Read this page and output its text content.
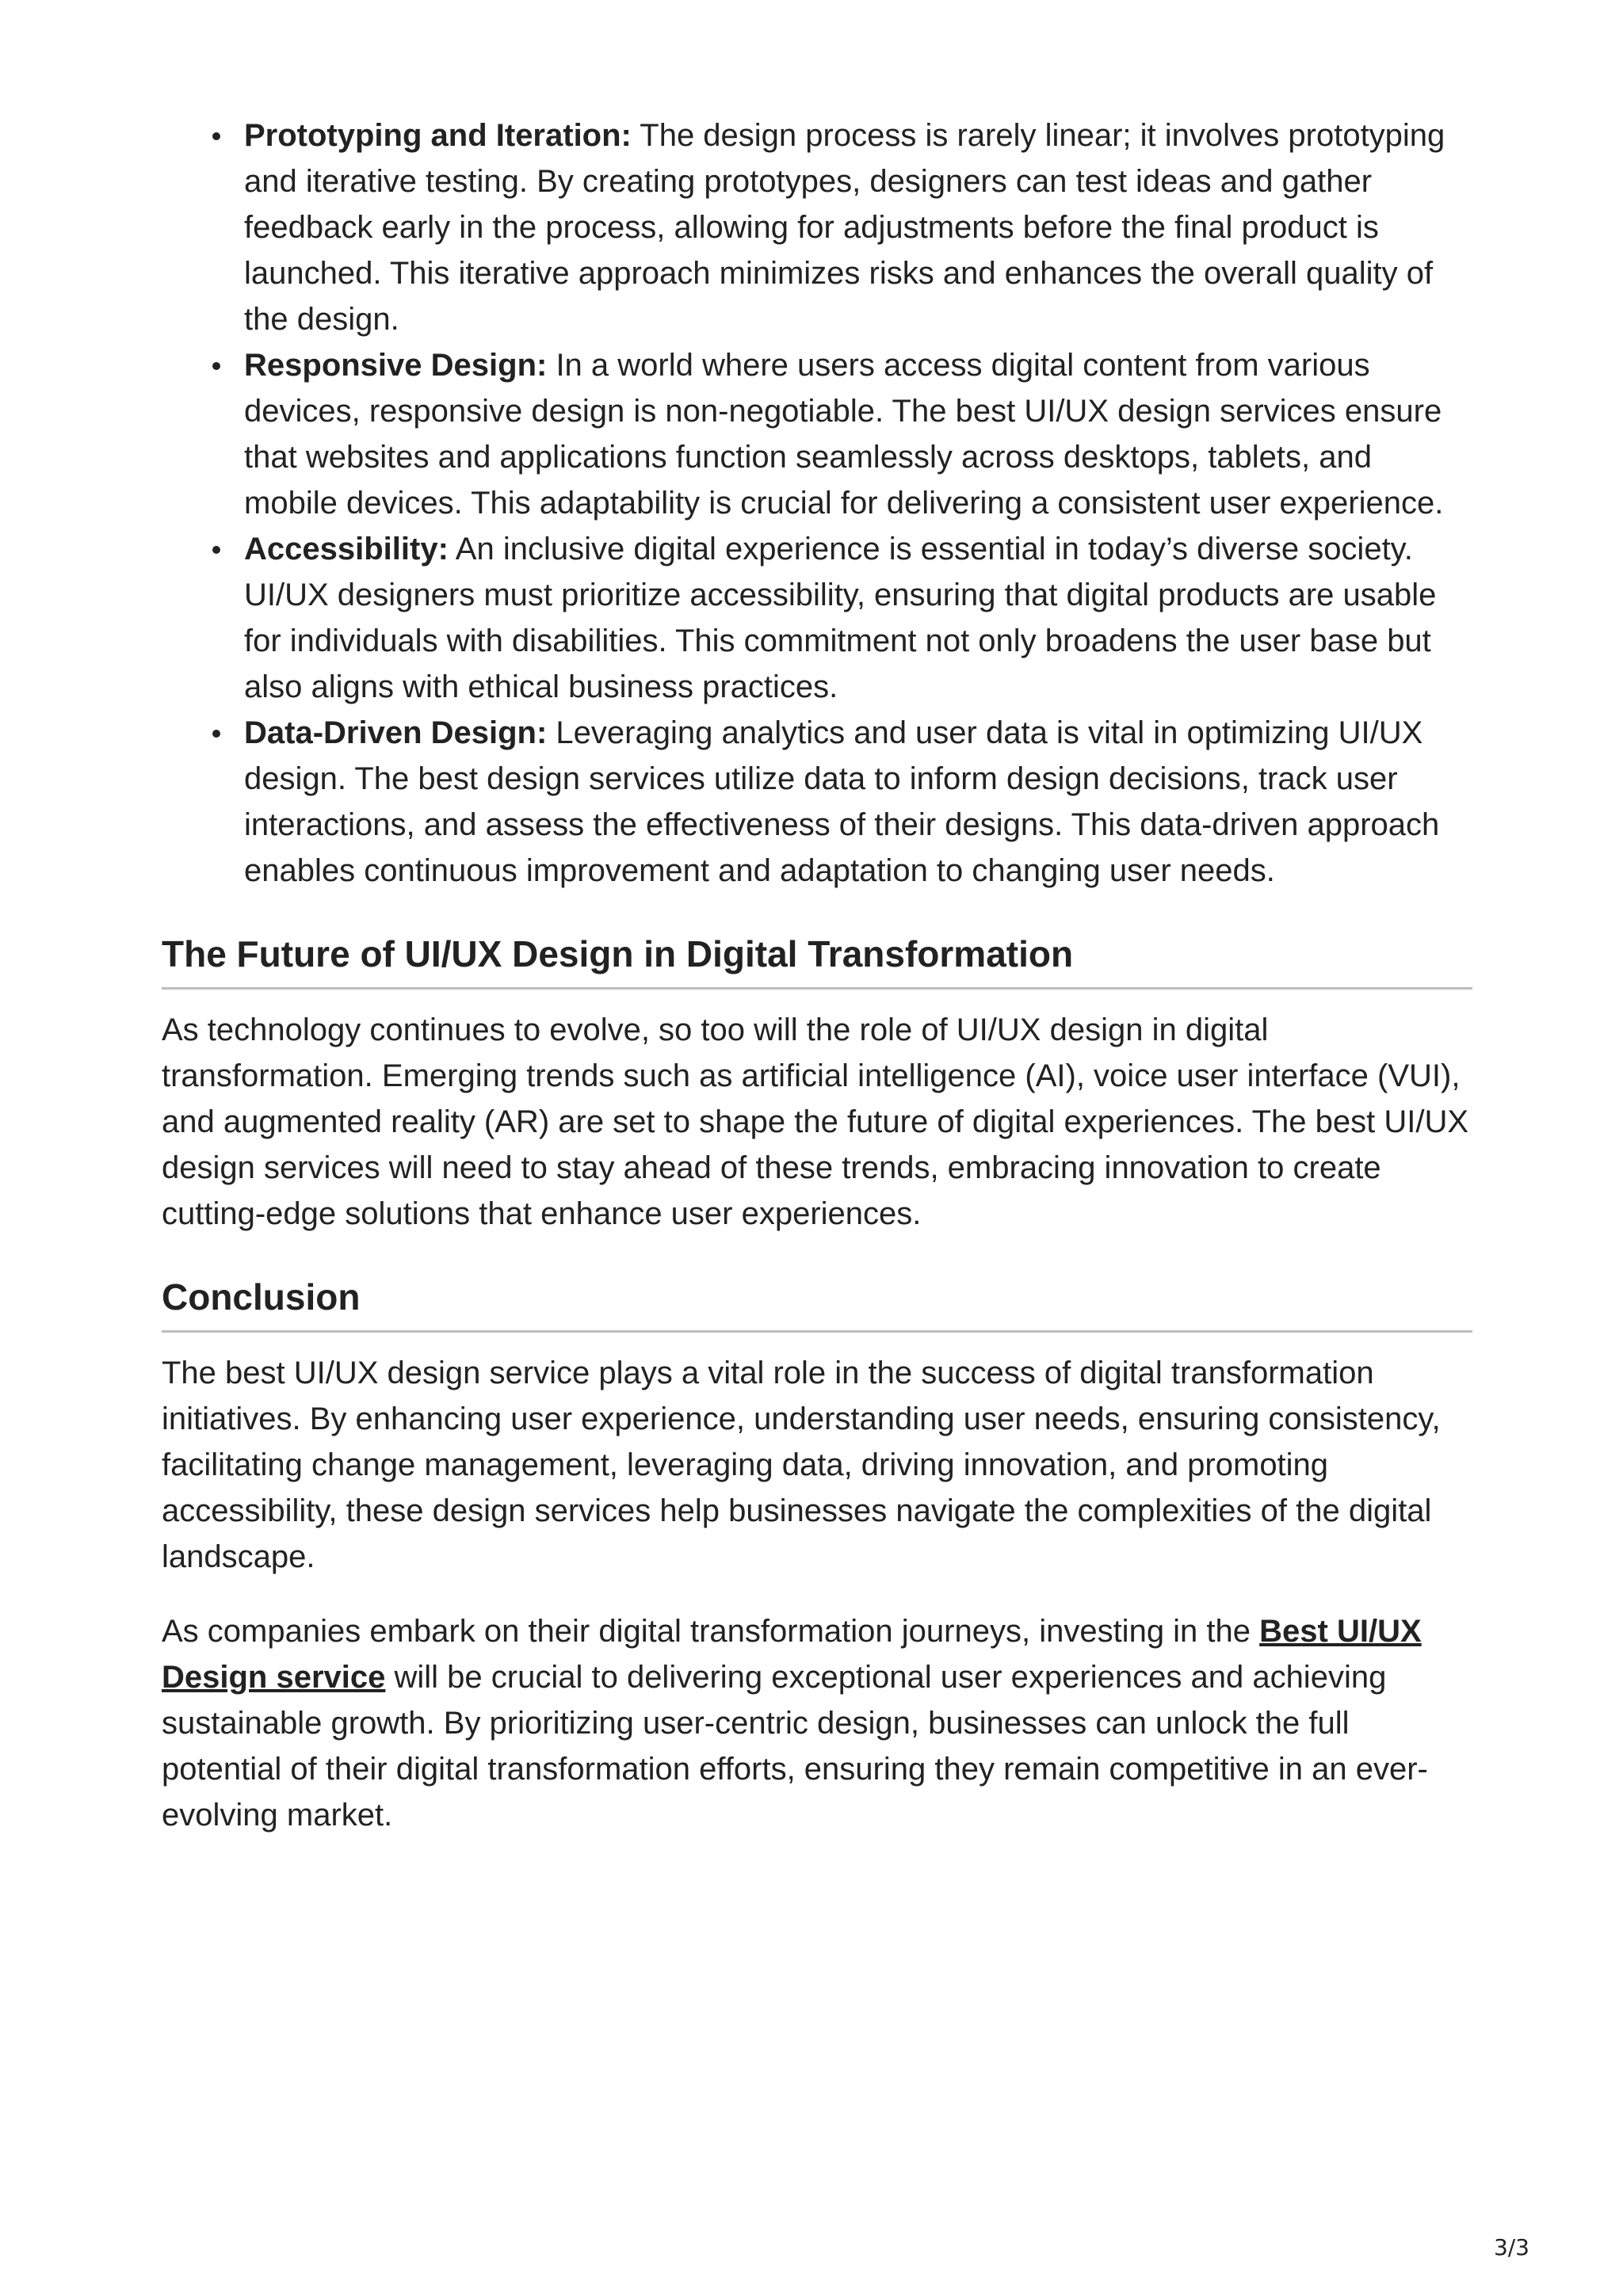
Prototyping and Iteration: The design process is rarely linear; it involves prototyping and iterative testing. By creating prototypes, designers can test ideas and gather feedback early in the process, allowing for adjustments before the final product is launched. This iterative approach minimizes risks and enhances the overall quality of the design.
Responsive Design: In a world where users access digital content from various devices, responsive design is non-negotiable. The best UI/UX design services ensure that websites and applications function seamlessly across desktops, tablets, and mobile devices. This adaptability is crucial for delivering a consistent user experience.
Accessibility: An inclusive digital experience is essential in today’s diverse society. UI/UX designers must prioritize accessibility, ensuring that digital products are usable for individuals with disabilities. This commitment not only broadens the user base but also aligns with ethical business practices.
Data-Driven Design: Leveraging analytics and user data is vital in optimizing UI/UX design. The best design services utilize data to inform design decisions, track user interactions, and assess the effectiveness of their designs. This data-driven approach enables continuous improvement and adaptation to changing user needs.
The Future of UI/UX Design in Digital Transformation

As technology continues to evolve, so too will the role of UI/UX design in digital transformation. Emerging trends such as artificial intelligence (AI), voice user interface (VUI), and augmented reality (AR) are set to shape the future of digital experiences. The best UI/UX design services will need to stay ahead of these trends, embracing innovation to create cutting-edge solutions that enhance user experiences.

Conclusion

The best UI/UX design service plays a vital role in the success of digital transformation initiatives. By enhancing user experience, understanding user needs, ensuring consistency, facilitating change management, leveraging data, driving innovation, and promoting accessibility, these design services help businesses navigate the complexities of the digital landscape.

As companies embark on their digital transformation journeys, investing in the Best UI/UX Design service will be crucial to delivering exceptional user experiences and achieving sustainable growth. By prioritizing user-centric design, businesses can unlock the full potential of their digital transformation efforts, ensuring they remain competitive in an ever-evolving market.

3/3
